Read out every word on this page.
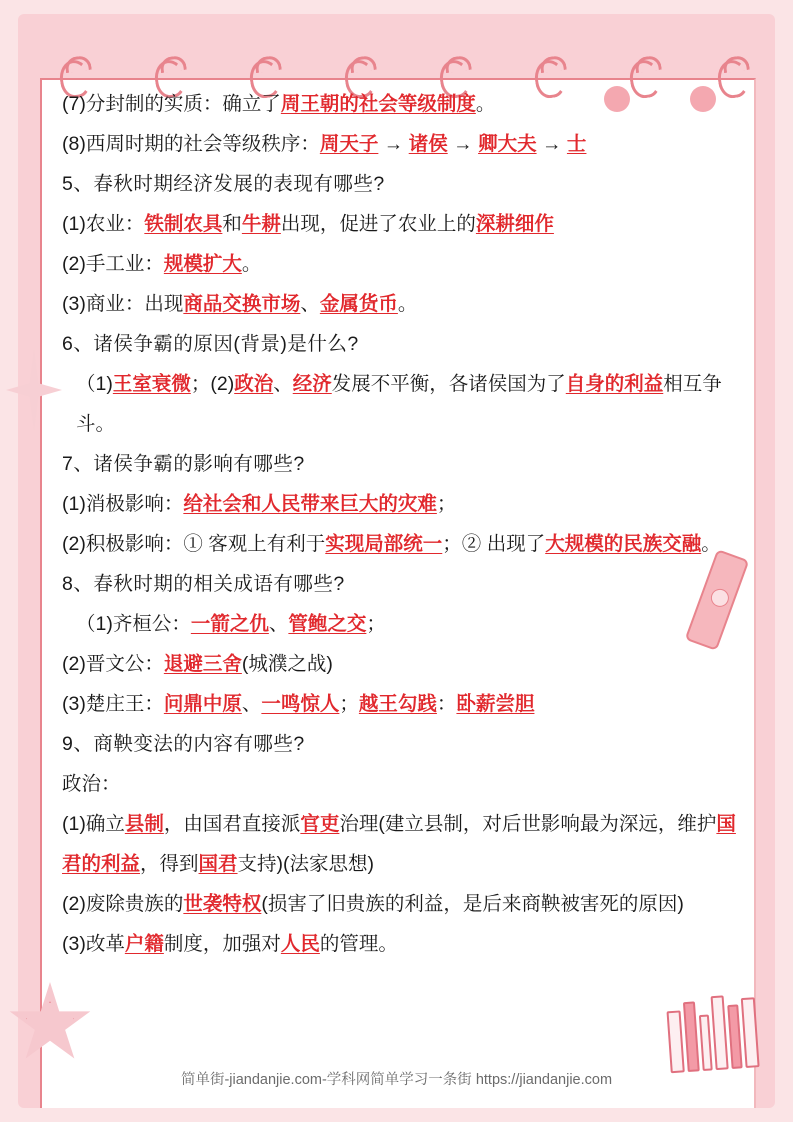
(7)分封制的实质：确立了周王朝的社会等级制度。
(8)西周时期的社会等级秩序：周天子 → 诸侯 → 卿大夫 → 士
5、春秋时期经济发展的表现有哪些?
(1)农业：铁制农具和牛耕出现，促进了农业上的深耕细作
(2)手工业：规模扩大。
(3)商业：出现商品交换市场、金属货币。
6、诸侯争霸的原因(背景)是什么?
（1)王室衰微；(2)政治、经济发展不平衡，各诸侯国为了自身的利益相互争斗。
7、诸侯争霸的影响有哪些?
(1)消极影响：给社会和人民带来巨大的灾难；
(2)积极影响：① 客观上有利于实现局部统一；② 出现了大规模的民族交融。
8、春秋时期的相关成语有哪些?
（1)齐桓公：一箭之仇、管鲍之交；
(2)晋文公：退避三舍(城濮之战)
(3)楚庄王：问鼎中原、一鸣惊人；越王勾践：卧薪尝胆
9、商鞅变法的内容有哪些?
政治：
(1)确立县制，由国君直接派官吏治理(建立县制，对后世影响最为深远，维护国君的利益，得到国君支持)(法家思想)
(2)废除贵族的世袭特权(损害了旧贵族的利益，是后来商鞅被害死的原因)
(3)改革户籍制度，加强对人民的管理。
简单街-jiandanjie.com-学科网简单学习一条街 https://jiandanjie.com
